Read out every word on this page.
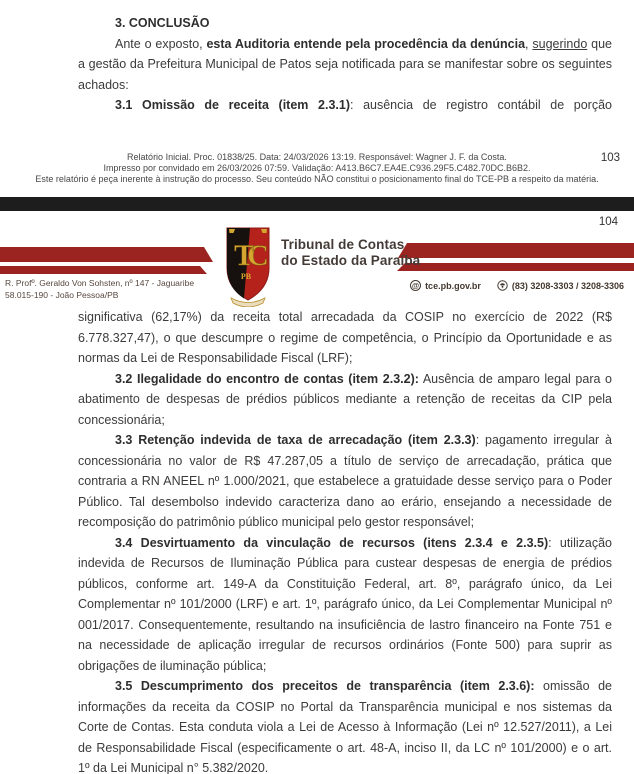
3. CONCLUSÃO

Ante o exposto, esta Auditoria entende pela procedência da denúncia, sugerindo que a gestão da Prefeitura Municipal de Patos seja notificada para se manifestar sobre os seguintes achados:

3.1 Omissão de receita (item 2.3.1): ausência de registro contábil de porção

Relatório Inicial. Proc. 01838/25. Data: 24/03/2026 13:19. Responsável: Wagner J. F. da Costa.
Impresso por convidado em 26/03/2026 07:59. Validação: A413.B6C7.EA4E.C936.29F5.C482.70DC.B6B2.
Este relatório é peça inerente à instrução do processo. Seu conteúdo NÃO constitui o posicionamento final do TCE-PB a respeito da matéria.
103
104
TC
PB
Tribunal de Contas
do Estado da Paraíba
R. Profº. Geraldo Von Sohsten, nº 147 - Jaguaribe
58.015-190 - João Pessoa/PB
@ tce.pb.gov.br	(83) 3208-3303 / 3208-3306

significativa (62,17%) da receita total arrecadada da COSIP no exercício de 2022 (R$ 6.778.327,47), o que descumpre o regime de competência, o Princípio da Oportunidade e as normas da Lei de Responsabilidade Fiscal (LRF);

3.2 Ilegalidade do encontro de contas (item 2.3.2): Ausência de amparo legal para o abatimento de despesas de prédios públicos mediante a retenção de receitas da CIP pela concessionária;

3.3 Retenção indevida de taxa de arrecadação (item 2.3.3): pagamento irregular à concessionária no valor de R$ 47.287,05 a título de serviço de arrecadação, prática que contraria a RN ANEEL nº 1.000/2021, que estabelece a gratuidade desse serviço para o Poder Público. Tal desembolso indevido caracteriza dano ao erário, ensejando a necessidade de recomposição do patrimônio público municipal pelo gestor responsável;

3.4 Desvirtuamento da vinculação de recursos (itens 2.3.4 e 2.3.5): utilização indevida de Recursos de Iluminação Pública para custear despesas de energia de prédios públicos, conforme art. 149-A da Constituição Federal, art. 8º, parágrafo único, da Lei Complementar nº 101/2000 (LRF) e art. 1º, parágrafo único, da Lei Complementar Municipal nº 001/2017. Consequentemente, resultando na insuficiência de lastro financeiro na Fonte 751 e na necessidade de aplicação irregular de recursos ordinários (Fonte 500) para suprir as obrigações de iluminação pública;

3.5 Descumprimento dos preceitos de transparência (item 2.3.6): omissão de informações da receita da COSIP no Portal da Transparência municipal e nos sistemas da Corte de Contas. Esta conduta viola a Lei de Acesso à Informação (Lei nº 12.527/2011), a Lei de Responsabilidade Fiscal (especificamente o art. 48-A, inciso II, da LC nº 101/2000) e o art. 1º da Lei Municipal n° 5.382/2020.
